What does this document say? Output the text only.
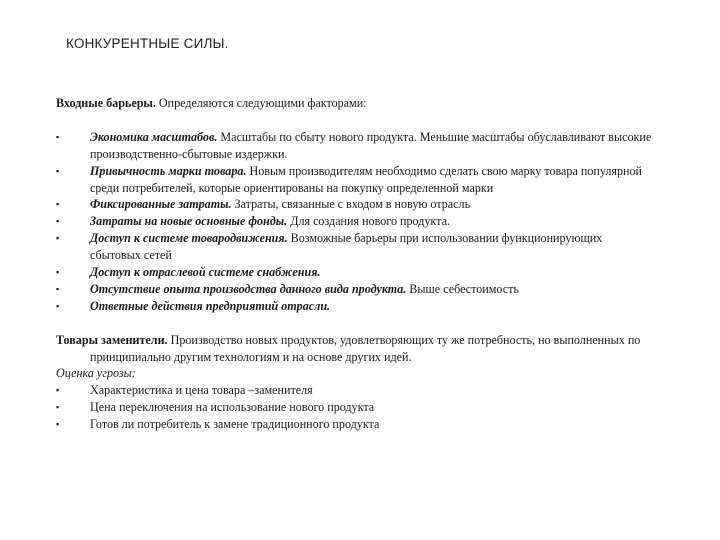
КОНКУРЕНТНЫЕ СИЛЫ.

Входные барьеры. Определяются следующими факторами:

▪	Экономика масштабов. Масштабы по сбыту нового продукта. Меньшие масштабы обуславливают высокие производственно-сбытовые издержки.
▪	Привычность марки товара. Новым производителям необходимо сделать свою марку товара популярной среди потребителей, которые ориентированы на покупку определенной марки
▪	Фиксированные затраты. Затраты, связанные с входом в новую отрасль
▪	Затраты на новые основные фонды. Для создания нового продукта.
▪	Доступ к системе товародвижения. Возможные барьеры при использовании функционирующих сбытовых сетей
▪	Доступ к отраслевой системе снабжения.
▪	Отсутствие опыта производства данного вида продукта. Выше себестоимость
▪	Ответные действия предприятий отрасли.

Товары заменители. Производство новых продуктов, удовлетворяющих ту же потребность, но выполненных по принципиально другим технологиям и на основе других идей.

Оценка угрозы:
▪	Характеристика и цена товара –заменителя
▪	Цена переключения на использование нового продукта
▪	Готов ли потребитель к замене традиционного продукта
